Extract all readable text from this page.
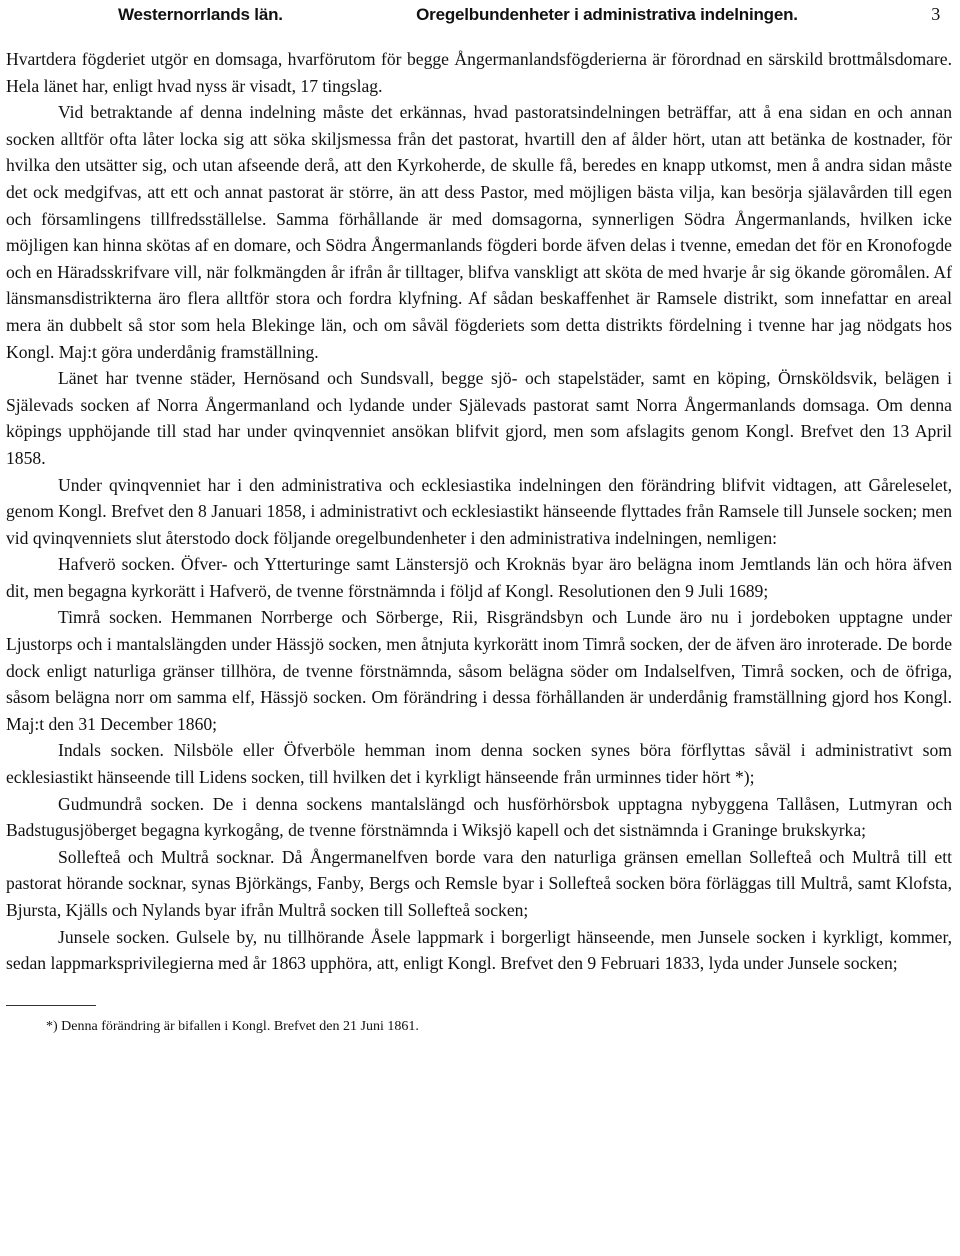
Westernorrlands län.	Oregelbundenheter i administrativa indelningen.	3

Hvartdera fögderiet utgör en domsaga, hvarförutom för begge Ångermanlandsfögderierna är förordnad en särskild brottmålsdomare. Hela länet har, enligt hvad nyss är visadt, 17 tingslag.

Vid betraktande af denna indelning måste det erkännas, hvad pastoratsindelningen beträffar, att å ena sidan en och annan socken alltför ofta låter locka sig att söka skiljsmessa från det pastorat, hvartill den af ålder hört, utan att betänka de kostnader, för hvilka den utsätter sig, och utan afseende derå, att den Kyrkoherde, de skulle få, beredes en knapp utkomst, men å andra sidan måste det ock medgifvas, att ett och annat pastorat är större, än att dess Pastor, med möjligen bästa vilja, kan besörja själavården till egen och församlingens tillfredsställelse. Samma förhållande är med domsagorna, synnerligen Södra Ångermanlands, hvilken icke möjligen kan hinna skötas af en domare, och Södra Ångermanlands fögderi borde äfven delas i tvenne, emedan det för en Kronofogde och en Häradsskrifvare vill, när folkmängden år ifrån år tilltager, blifva vanskligt att sköta de med hvarje år sig ökande göromålen. Af länsmansdistrikterna äro flera alltför stora och fordra klyfning. Af sådan beskaffenhet är Ramsele distrikt, som innefattar en areal mera än dubbelt så stor som hela Blekinge län, och om såväl fögderiets som detta distrikts fördelning i tvenne har jag nödgats hos Kongl. Maj:t göra underdånig framställning.

Länet har tvenne städer, Hernösand och Sundsvall, begge sjö- och stapelstäder, samt en köping, Örnsköldsvik, belägen i Själevads socken af Norra Ångermanland och lydande under Själevads pastorat samt Norra Ångermanlands domsaga. Om denna köpings upphöjande till stad har under qvinqvenniet ansökan blifvit gjord, men som afslagits genom Kongl. Brefvet den 13 April 1858.

Under qvinqvenniet har i den administrativa och ecklesiastika indelningen den förändring blifvit vidtagen, att Gåreleselet, genom Kongl. Brefvet den 8 Januari 1858, i administrativt och ecklesiastikt hänseende flyttades från Ramsele till Junsele socken; men vid qvinqvenniets slut återstodo dock följande oregelbundenheter i den administrativa indelningen, nemligen:

Hafverö socken. Öfver- och Ytterturinge samt Länstersjö och Kroknäs byar äro belägna inom Jemtlands län och höra äfven dit, men begagna kyrkorätt i Hafverö, de tvenne förstnämnda i följd af Kongl. Resolutionen den 9 Juli 1689;

Timrå socken. Hemmanen Norrberge och Sörberge, Rii, Risgrändsbyn och Lunde äro nu i jordeboken upptagne under Ljustorps och i mantalslängden under Hässjö socken, men åtnjuta kyrkorätt inom Timrå socken, der de äfven äro inroterade. De borde dock enligt naturliga gränser tillhöra, de tvenne förstnämnda, såsom belägna söder om Indalselfven, Timrå socken, och de öfriga, såsom belägna norr om samma elf, Hässjö socken. Om förändring i dessa förhållanden är underdånig framställning gjord hos Kongl. Maj:t den 31 December 1860;

Indals socken. Nilsböle eller Öfverböle hemman inom denna socken synes böra förflyttas såväl i administrativt som ecklesiastikt hänseende till Lidens socken, till hvilken det i kyrkligt hänseende från urminnes tider hört *);

Gudmundrå socken. De i denna sockens mantalslängd och husförhörsbok upptagna nybyggena Tallåsen, Lutmyran och Badstugusjöberget begagna kyrkogång, de tvenne förstnämnda i Wiksjö kapell och det sistnämnda i Graninge brukskyrka;

Sollefteå och Multrå socknar. Då Ångermanelfven borde vara den naturliga gränsen emellan Sollefteå och Multrå till ett pastorat hörande socknar, synas Björkängs, Fanby, Bergs och Remsle byar i Sollefteå socken böra förläggas till Multrå, samt Klofsta, Bjursta, Kjälls och Nylands byar ifrån Multrå socken till Sollefteå socken;

Junsele socken. Gulsele by, nu tillhörande Åsele lappmark i borgerligt hänseende, men Junsele socken i kyrkligt, kommer, sedan lappmarksprivilegierna med år 1863 upphöra, att, enligt Kongl. Brefvet den 9 Februari 1833, lyda under Junsele socken;

*) Denna förändring är bifallen i Kongl. Brefvet den 21 Juni 1861.
